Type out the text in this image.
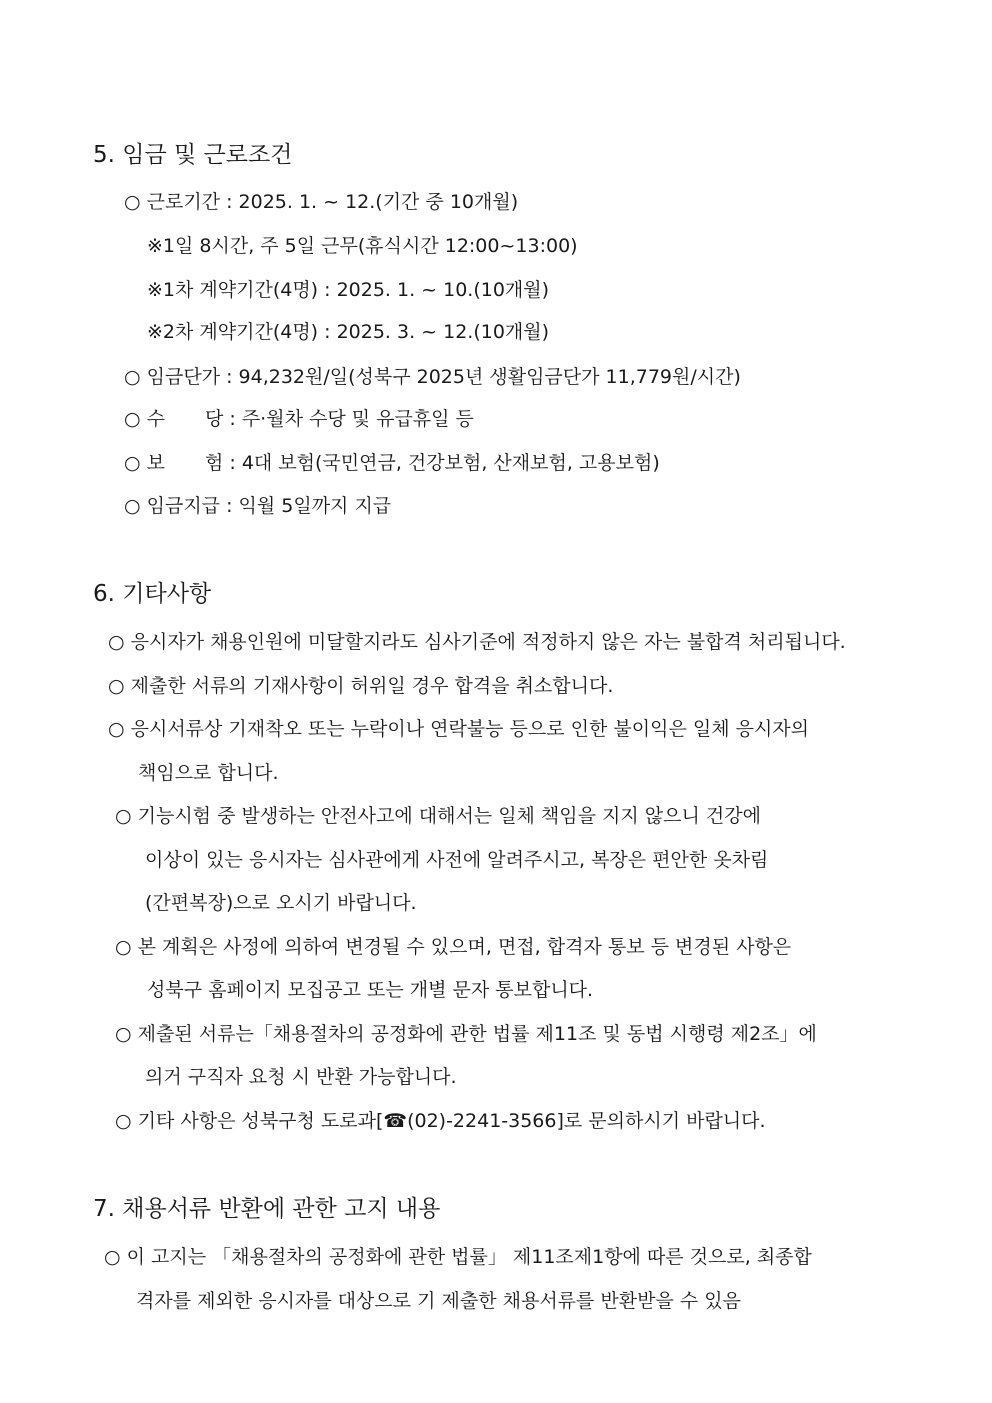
5. 임금 및 근로조건
○ 근로기간 : 2025. 1. ~ 12.(기간 중 10개월)
※1일 8시간, 주 5일 근무(휴식시간 12:00~13:00)
※1차 계약기간(4명) : 2025. 1. ~ 10.(10개월)
※2차 계약기간(4명) : 2025. 3. ~ 12.(10개월)
○ 임금단가 : 94,232원/일(성북구 2025년 생활임금단가 11,779원/시간)
○ 수 당 : 주·월차 수당 및 유급휴일 등
○ 보 험 : 4대 보험(국민연금, 건강보험, 산재보험, 고용보험)
○ 임금지급 : 익월 5일까지 지급
6. 기타사항
○ 응시자가 채용인원에 미달할지라도 심사기준에 적정하지 않은 자는 불합격 처리됩니다.
○ 제출한 서류의 기재사항이 허위일 경우 합격을 취소합니다.
○ 응시서류상 기재착오 또는 누락이나 연락불능 등으로 인한 불이익은 일체 응시자의
책임으로 합니다.
○ 기능시험 중 발생하는 안전사고에 대해서는 일체 책임을 지지 않으니 건강에
이상이 있는 응시자는 심사관에게 사전에 알려주시고, 복장은 편안한 옷차림
(간편복장)으로 오시기 바랍니다.
○ 본 계획은 사정에 의하여 변경될 수 있으며, 면접, 합격자 통보 등 변경된 사항은
성북구 홈페이지 모집공고 또는 개별 문자 통보합니다.
○ 제출된 서류는「채용절차의 공정화에 관한 법률 제11조 및 동법 시행령 제2조」에
의거 구직자 요청 시 반환 가능합니다.
○ 기타 사항은 성북구청 도로과[☎(02)-2241-3566]로 문의하시기 바랍니다.
7. 채용서류 반환에 관한 고지 내용
○ 이 고지는 「채용절차의 공정화에 관한 법률」 제11조제1항에 따른 것으로, 최종합
격자를 제외한 응시자를 대상으로 기 제출한 채용서류를 반환받을 수 있음
